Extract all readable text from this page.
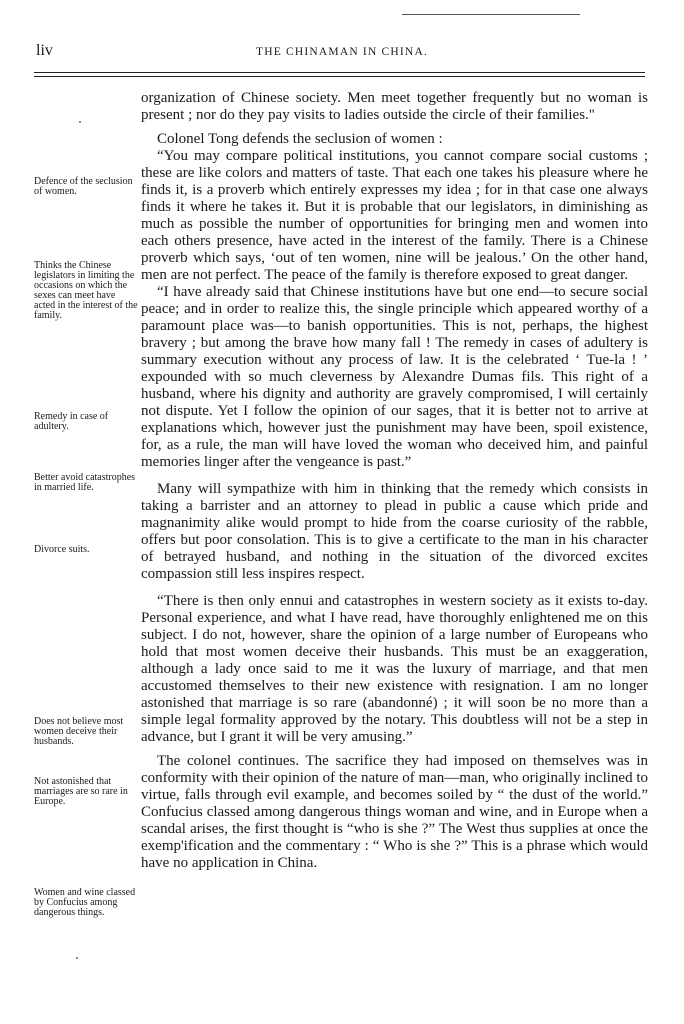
liv	THE CHINAMAN IN CHINA.
Defence of the seclusion of women.
Thinks the Chinese legislators in limiting the occasions on which the sexes can meet have acted in the interest of the family.
Remedy in case of adultery.
Better avoid catastrophes in married life.
Divorce suits.
Does not believe most women deceive their husbands.
Not astonished that marriages are so rare in Europe.
Women and wine classed by Confucius among dangerous things.

organization of Chinese society. Men meet together frequently but no woman is present ; nor do they pay visits to ladies outside the circle of their families."

Colonel Tong defends the seclusion of women :

“You may compare political institutions, you cannot compare social customs ; these are like colors and matters of taste. That each one takes his pleasure where he finds it, is a proverb which entirely expresses my idea ; for in that case one always finds it where he takes it. But it is probable that our legislators, in diminishing as much as possible the number of opportunities for bringing men and women into each others presence, have acted in the interest of the family. There is a Chinese proverb which says, ‘out of ten women, nine will be jealous.’ On the other hand, men are not perfect. The peace of the family is therefore exposed to great danger.

“I have already said that Chinese institutions have but one end—to secure social peace; and in order to realize this, the single principle which appeared worthy of a paramount place was—to banish opportunities. This is not, perhaps, the highest bravery ; but among the brave how many fall ! The remedy in cases of adultery is summary execution without any process of law. It is the celebrated ‘ Tue-la ! ’ expounded with so much cleverness by Alexandre Dumas fils. This right of a husband, where his dignity and authority are gravely compromised, I will certainly not dispute. Yet I follow the opinion of our sages, that it is better not to arrive at explanations which, however just the punishment may have been, spoil existence, for, as a rule, the man will have loved the woman who deceived him, and painful memories linger after the vengeance is past.”

Many will sympathize with him in thinking that the remedy which consists in taking a barrister and an attorney to plead in public a cause which pride and magnanimity alike would prompt to hide from the coarse curiosity of the rabble, offers but poor consolation. This is to give a certificate to the man in his character of betrayed husband, and nothing in the situation of the divorced excites compassion still less inspires respect.

“There is then only ennui and catastrophes in western society as it exists to-day. Personal experience, and what I have read, have thoroughly enlightened me on this subject. I do not, however, share the opinion of a large number of Europeans who hold that most women deceive their husbands. This must be an exaggeration, although a lady once said to me it was the luxury of marriage, and that men accustomed themselves to their new existence with resignation. I am no longer astonished that marriage is so rare (abandonné) ; it will soon be no more than a simple legal formality approved by the notary. This doubtless will not be a step in advance, but I grant it will be very amusing.”

The colonel continues. The sacrifice they had imposed on themselves was in conformity with their opinion of the nature of man—man, who originally inclined to virtue, falls through evil example, and becomes soiled by “ the dust of the world.” Confucius classed among dangerous things woman and wine, and in Europe when a scandal arises, the first thought is “who is she ?” The West thus supplies at once the exemp'ification and the commentary : “ Who is she ?” This is a phrase which would have no application in China.
